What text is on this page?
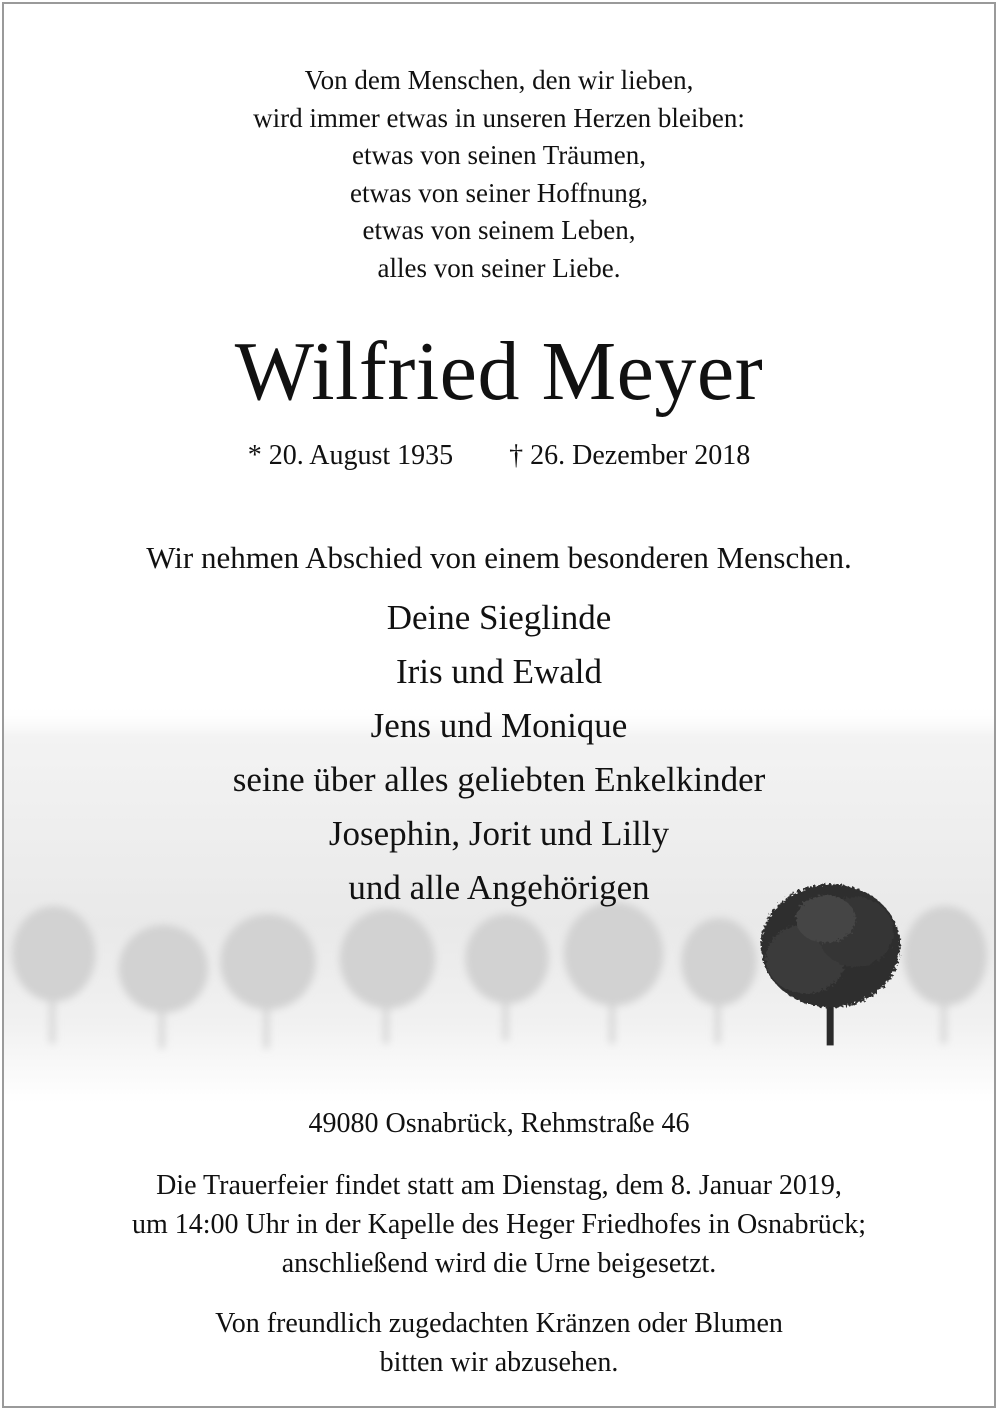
Von dem Menschen, den wir lieben,
wird immer etwas in unseren Herzen bleiben:
etwas von seinen Träumen,
etwas von seiner Hoffnung,
etwas von seinem Leben,
alles von seiner Liebe.
Wilfried Meyer
* 20. August 1935 † 26. Dezember 2018
Wir nehmen Abschied von einem besonderen Menschen.
Deine Sieglinde
Iris und Ewald
Jens und Monique
seine über alles geliebten Enkelkinder
Josephin, Jorit und Lilly
und alle Angehörigen
49080 Osnabrück, Rehmstraße 46
Die Trauerfeier findet statt am Dienstag, dem 8. Januar 2019,
um 14:00 Uhr in der Kapelle des Heger Friedhofes in Osnabrück;
anschließend wird die Urne beigesetzt.
Von freundlich zugedachten Kränzen oder Blumen
bitten wir abzusehen.
